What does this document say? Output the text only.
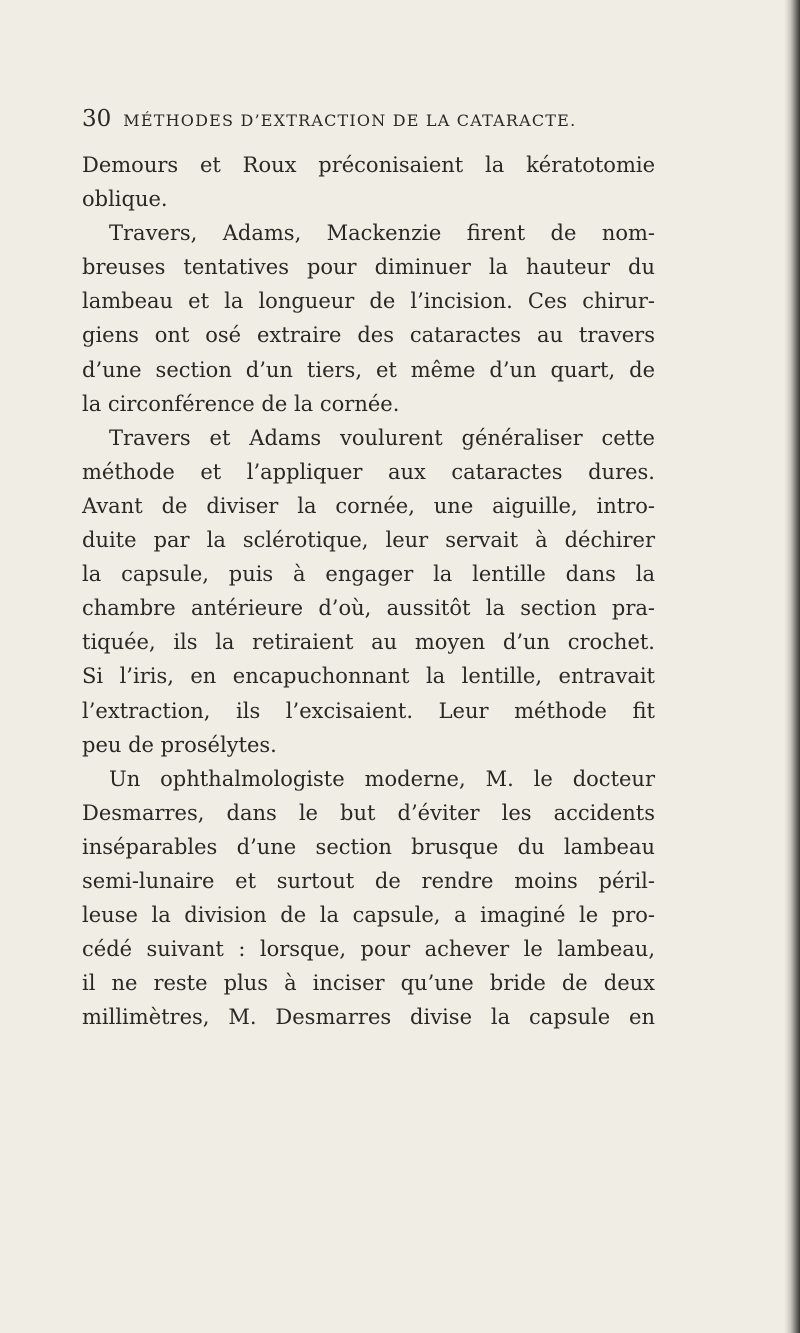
30 MÉTHODES D’EXTRACTION DE LA CATARACTE.
Demours et Roux préconisaient la kératotomie
oblique.
Travers, Adams, Mackenzie firent de nom-
breuses tentatives pour diminuer la hauteur du
lambeau et la longueur de l’incision. Ces chirur-
giens ont osé extraire des cataractes au travers
d’une section d’un tiers, et même d’un quart, de
la circonférence de la cornée.
Travers et Adams voulurent généraliser cette
méthode et l’appliquer aux cataractes dures.
Avant de diviser la cornée, une aiguille, intro-
duite par la sclérotique, leur servait à déchirer
la capsule, puis à engager la lentille dans la
chambre antérieure d’où, aussitôt la section pra-
tiquée, ils la retiraient au moyen d’un crochet.
Si l’iris, en encapuchonnant la lentille, entravait
l’extraction, ils l’excisaient. Leur méthode fit
peu de prosélytes.
Un ophthalmologiste moderne, M. le docteur
Desmarres, dans le but d’éviter les accidents
inséparables d’une section brusque du lambeau
semi-lunaire et surtout de rendre moins péril-
leuse la division de la capsule, a imaginé le pro-
cédé suivant : lorsque, pour achever le lambeau,
il ne reste plus à inciser qu’une bride de deux
millimètres, M. Desmarres divise la capsule en
